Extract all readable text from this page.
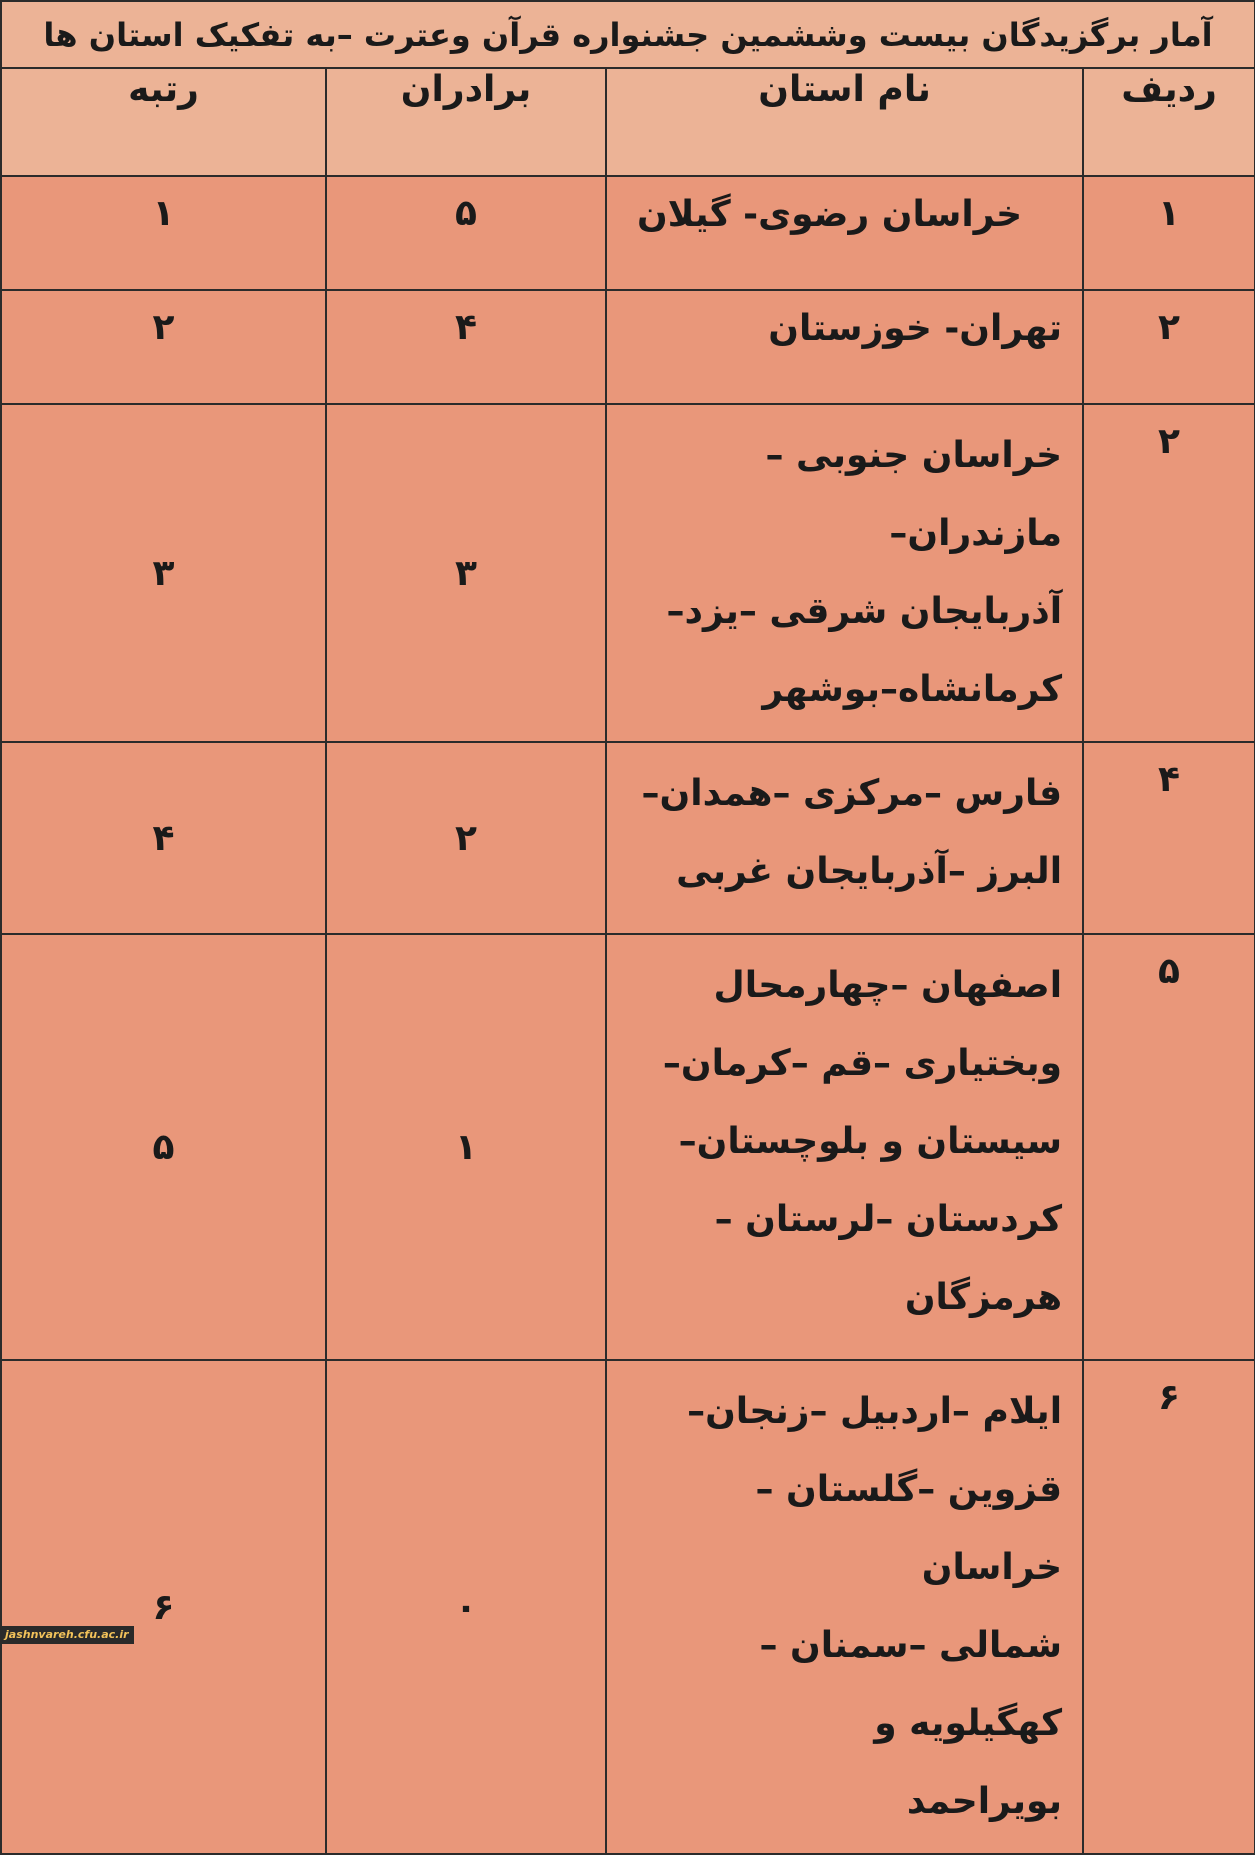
آمار برگزیدگان بیست وششمین جشنواره قرآن وعترت –به تفکیک استان ها			
ردیف	نام استان	برادران	رتبه
۱	خراسان رضوی- گیلان	۵	۱
۲	تهران- خوزستان	۴	۲
۲	خراسان جنوبی –مازندران–
آذربایجان شرقی –یزد–
کرمانشاه–بوشهر	۳	۳
۴	فارس –مرکزی –همدان–
البرز –آذربایجان غربی	۲	۴
۵	اصفهان –چهارمحال
وبختیاری –قم –کرمان–
سیستان و بلوچستان–
کردستان –لرستان –
هرمزگان	۱	۵
۶	ایلام –اردبیل –زنجان–
قزوین –گلستان –خراسان
شمالی –سمنان –کهگیلویه و
بویراحمد	۰	۶
jashnvareh.cfu.ac.ir
